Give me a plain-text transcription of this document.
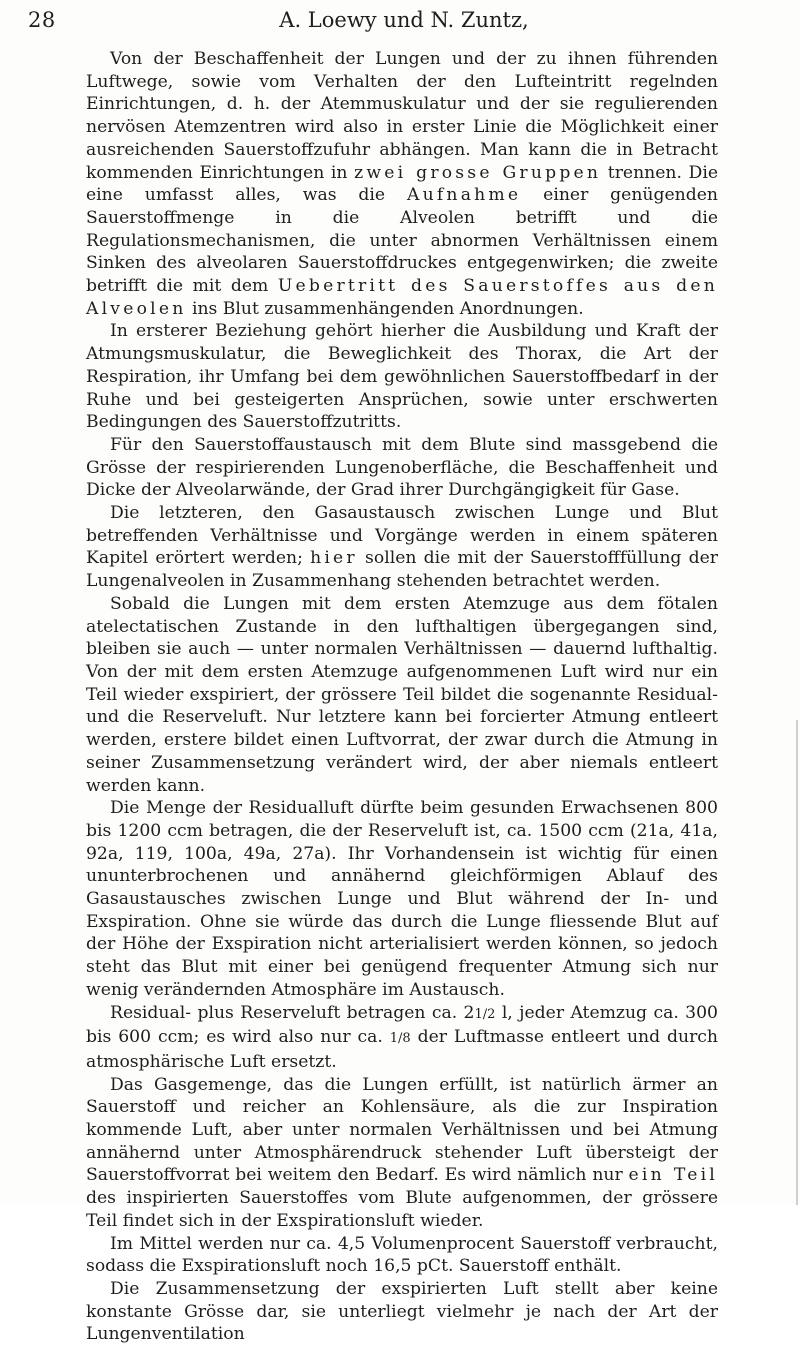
28	A. Loewy und N. Zuntz,

Von der Beschaffenheit der Lungen und der zu ihnen führenden Luftwege, sowie vom Verhalten der den Lufteintritt regelnden Einrichtungen, d. h. der Atemmuskulatur und der sie regulierenden nervösen Atemzentren wird also in erster Linie die Möglichkeit einer ausreichenden Sauerstoffzufuhr abhängen. Man kann die in Betracht kommenden Einrichtungen in zwei grosse Gruppen trennen. Die eine umfasst alles, was die Aufnahme einer genügenden Sauerstoffmenge in die Alveolen betrifft und die Regulationsmechanismen, die unter abnormen Verhältnissen einem Sinken des alveolaren Sauerstoffdruckes entgegenwirken; die zweite betrifft die mit dem Uebertritt des Sauerstoffes aus den Alveolen ins Blut zusammenhängenden Anordnungen.

In ersterer Beziehung gehört hierher die Ausbildung und Kraft der Atmungsmuskulatur, die Beweglichkeit des Thorax, die Art der Respiration, ihr Umfang bei dem gewöhnlichen Sauerstoffbedarf in der Ruhe und bei gesteigerten Ansprüchen, sowie unter erschwerten Bedingungen des Sauerstoffzutritts.

Für den Sauerstoffaustausch mit dem Blute sind massgebend die Grösse der respirierenden Lungenoberfläche, die Beschaffenheit und Dicke der Alveolarwände, der Grad ihrer Durchgängigkeit für Gase.

Die letzteren, den Gasaustausch zwischen Lunge und Blut betreffenden Verhältnisse und Vorgänge werden in einem späteren Kapitel erörtert werden; hier sollen die mit der Sauerstofffüllung der Lungenalveolen in Zusammenhang stehenden betrachtet werden.

Sobald die Lungen mit dem ersten Atemzuge aus dem fötalen atelectatischen Zustande in den lufthaltigen übergegangen sind, bleiben sie auch — unter normalen Verhältnissen — dauernd lufthaltig. Von der mit dem ersten Atemzuge aufgenommenen Luft wird nur ein Teil wieder exspiriert, der grössere Teil bildet die sogenannte Residual- und die Reserveluft. Nur letztere kann bei forcierter Atmung entleert werden, erstere bildet einen Luftvorrat, der zwar durch die Atmung in seiner Zusammensetzung verändert wird, der aber niemals entleert werden kann.

Die Menge der Residualluft dürfte beim gesunden Erwachsenen 800 bis 1200 ccm betragen, die der Reserveluft ist, ca. 1500 ccm (21a, 41a, 92a, 119, 100a, 49a, 27a). Ihr Vorhandensein ist wichtig für einen ununterbrochenen und annähernd gleichförmigen Ablauf des Gasaustausches zwischen Lunge und Blut während der In- und Exspiration. Ohne sie würde das durch die Lunge fliessende Blut auf der Höhe der Exspiration nicht arterialisiert werden können, so jedoch steht das Blut mit einer bei genügend frequenter Atmung sich nur wenig verändernden Atmosphäre im Austausch.

Residual- plus Reserveluft betragen ca. 21/2 l, jeder Atemzug ca. 300 bis 600 ccm; es wird also nur ca. 1/8 der Luftmasse entleert und durch atmosphärische Luft ersetzt.

Das Gasgemenge, das die Lungen erfüllt, ist natürlich ärmer an Sauerstoff und reicher an Kohlensäure, als die zur Inspiration kommende Luft, aber unter normalen Verhältnissen und bei Atmung annähernd unter Atmosphärendruck stehender Luft übersteigt der Sauerstoffvorrat bei weitem den Bedarf. Es wird nämlich nur ein Teil des inspirierten Sauerstoffes vom Blute aufgenommen, der grössere Teil findet sich in der Exspirationsluft wieder.

Im Mittel werden nur ca. 4,5 Volumenprocent Sauerstoff verbraucht, sodass die Exspirationsluft noch 16,5 pCt. Sauerstoff enthält.

Die Zusammensetzung der exspirierten Luft stellt aber keine konstante Grösse dar, sie unterliegt vielmehr je nach der Art der Lungenventilation
